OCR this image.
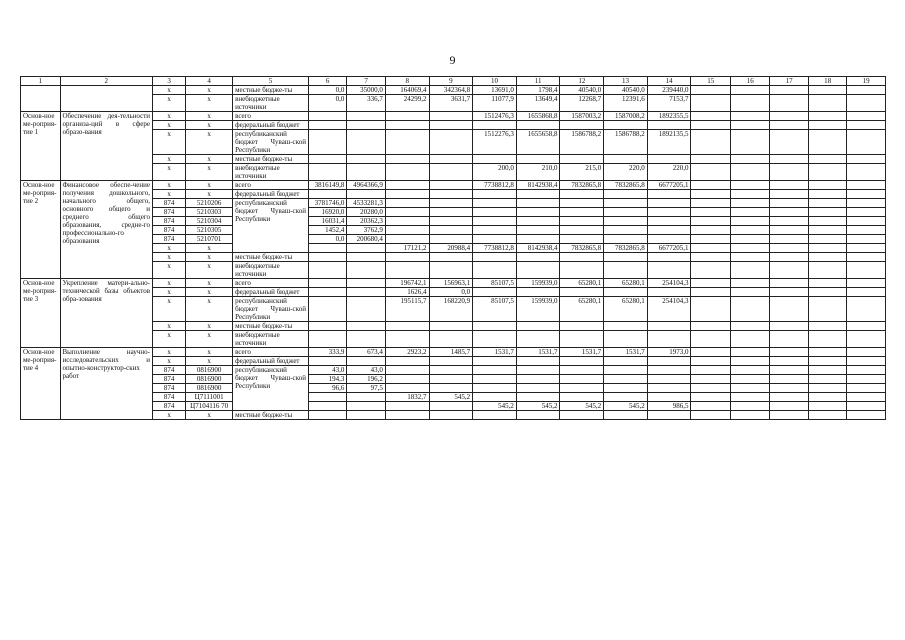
9
1	2	3	4	5	6	7	8	9	10	11	12	13	14	15	16	17	18	19
		x	x	местные бюдже-ты	0,0	35000,0	164069,4	342364,8	13691,0	1798,4	40540,0	40540,0	239440,0					
		x	x	внебюджетные источники	0,0	336,7	24299,2	3631,7	11077,9	13649,4	12268,7	12391,6	7153,7					
Основ-ное ме-роприя-тие 1	Обеспечение дея-тельности организа-ций в сфере образо-вания	x	x	всего					1512476,3	1655868,8	1587003,2	1587008,2	1892355,5					
		x	x	федеральный бюджет														
		x	x	республиканский бюджет Чуваш-ской Республики					1512276,3	1655658,8	1586788,2	1586788,2	1892135,5					
		x	x	местные бюдже-ты														
		x	x	внебюджетные источники					200,0	210,0	215,0	220,0	220,0					
Основ-ное ме-роприя-тие 2	Финансовое обеспе-чение получения дошкольного, начального общего, основного общего и среднего общего образования, средне-го профессионально-го образования	x	x	всего	3816149,8	4964366,9			7738812,8	8142938,4	7832865,8	7832865,8	6677205,1					
		x	x	федеральный бюджет														
		874	5210206	республиканский бюджет Чуваш-ской Республики	3781746,0	4533281,3												
		874	5210303		16920,0	20280,0												
		874	5210304		16031,4	20362,3												
		874	5210305		1452,4	3762,9												
		874	5210701		0,0	200680,4												
		x	x				17121,2	20988,4	7738812,8	8142938,4	7832865,8	7832865,8	6677205,1					
		x	x	местные бюдже-ты														
		x	x	внебюджетные источники														
Основ-ное ме-роприя-тие 3	Укрепление матери-ально-технической базы объектов обра-зования	x	x	всего			196742,1	156963,1	85107,5	159939,0	65280,1	65280,1	254104,3					
		x	x	федеральный бюджет			1626,4	0,0										
		x	x	республиканский бюджет Чуваш-ской Республики			195115,7	168220,9	85107,5	159939,0	65280,1	65280,1	254104,3					
		x	x	местные бюдже-ты														
		x	x	внебюджетные источники														
Основ-ное ме-роприя-тие 4	Выполнение научно-исследовательских и опытно-конструктор-ских работ	x	x	всего	333,9	673,4	2923,2	1485,7	1531,7	1531,7	1531,7	1531,7	1973,0					
		x	x	федеральный бюджет														
		874	0816900	республиканский бюджет Чуваш-ской Республики	43,0	43,0												
		874	0816900		194,3	196,2												
		874	0816900		96,6	97,5												
		874	Ц7111001				1832,7	545,2										
		874	Ц7104116 70						545,2	545,2	545,2	545,2	986,5					
		x	x	местные бюдже-ты														
